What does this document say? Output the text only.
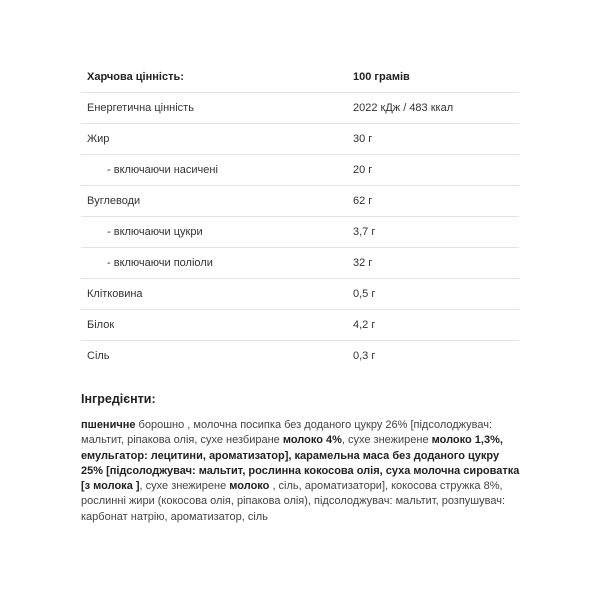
Харчова цінність:	100 грамів
Енергетична цінність	2022 кДж / 483 ккал
Жир	30 г
- включаючи насичені	20 г
Вуглеводи	62 г
- включаючи цукри	3,7 г
- включаючи поліоли	32 г
Клітковина	0,5 г
Білок	4,2 г
Сіль	0,3 г
Інгредієнти:

пшеничне борошно , молочна посипка без доданого цукру 26% [підсолоджувач: мальтит, ріпакова олія, сухе незбиране молоко 4%, сухе знежирене молоко 1,3%, емульгатор: лецитини, ароматизатор], карамельна маса без доданого цукру 25% [підсолоджувач: мальтит, рослинна кокосова олія, суха молочна сироватка [з молока ], сухе знежирене молоко , сіль, ароматизатори], кокосова стружка 8%, рослинні жири (кокосова олія, ріпакова олія), підсолоджувач: мальтит, розпушувач: карбонат натрію, ароматизатор, сіль
